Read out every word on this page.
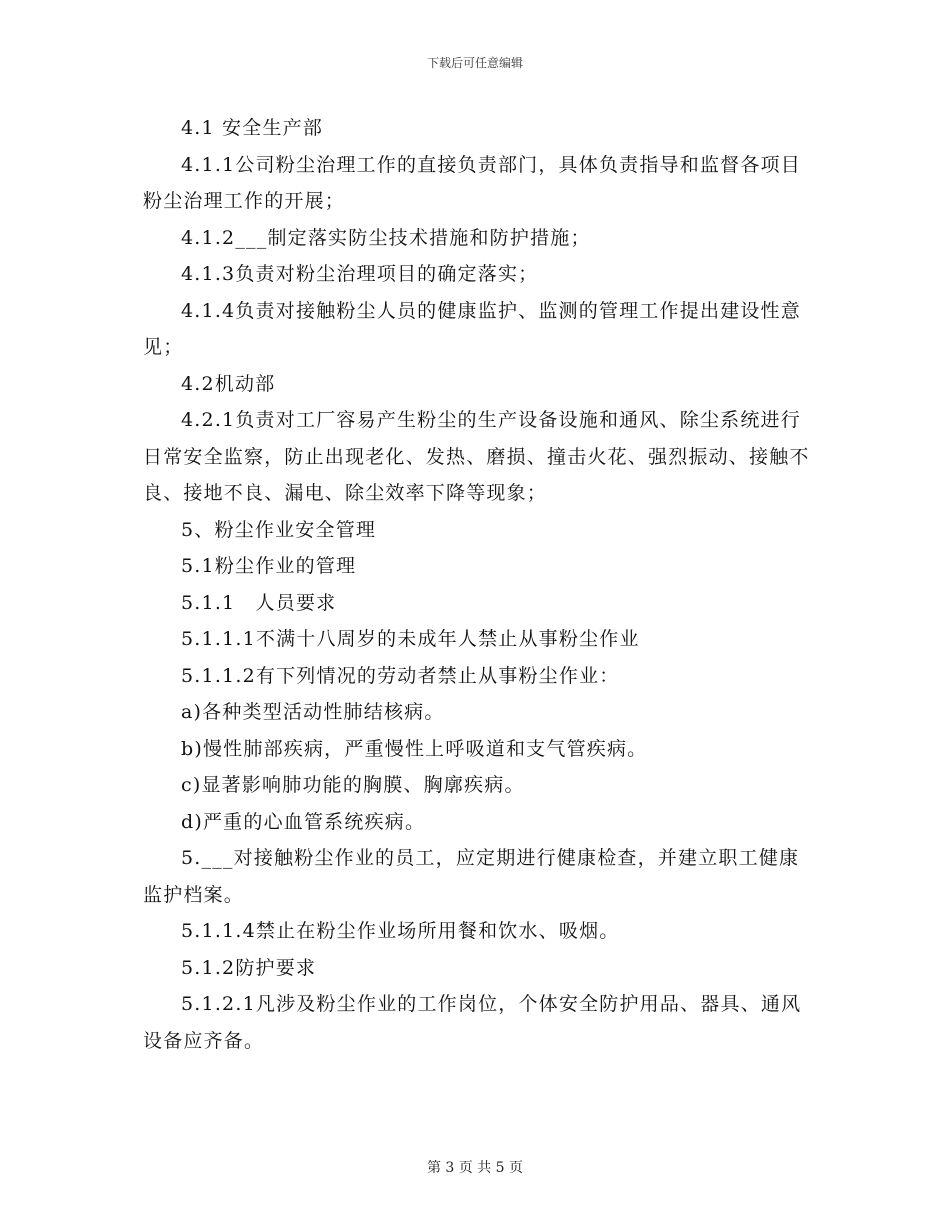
下载后可任意编辑

4.1 安全生产部

4.1.1公司粉尘治理工作的直接负责部门，具体负责指导和监督各项目粉尘治理工作的开展；

4.1.2___制定落实防尘技术措施和防护措施；

4.1.3负责对粉尘治理项目的确定落实；

4.1.4负责对接触粉尘人员的健康监护、监测的管理工作提出建设性意见；

4.2机动部

4.2.1负责对工厂容易产生粉尘的生产设备设施和通风、除尘系统进行日常安全监察，防止出现老化、发热、磨损、撞击火花、强烈振动、接触不良、接地不良、漏电、除尘效率下降等现象；

5、粉尘作业安全管理

5.1粉尘作业的管理

5.1.1　人员要求

5.1.1.1不满十八周岁的未成年人禁止从事粉尘作业

5.1.1.2有下列情况的劳动者禁止从事粉尘作业：

a)各种类型活动性肺结核病。

b)慢性肺部疾病，严重慢性上呼吸道和支气管疾病。

c)显著影响肺功能的胸膜、胸廓疾病。

d)严重的心血管系统疾病。

5.___对接触粉尘作业的员工，应定期进行健康检查，并建立职工健康监护档案。

5.1.1.4禁止在粉尘作业场所用餐和饮水、吸烟。

5.1.2防护要求

5.1.2.1凡涉及粉尘作业的工作岗位，个体安全防护用品、器具、通风设备应齐备。

第 3 页 共 5 页
